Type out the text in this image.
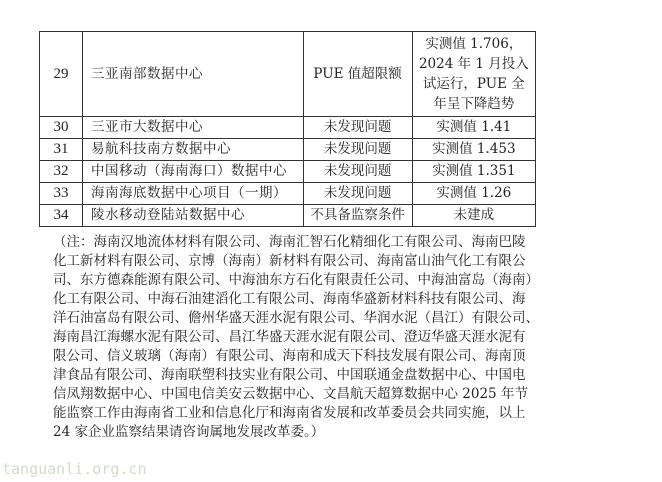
29	三亚南部数据中心	PUE 值超限额	实测值 1.706，
2024 年 1 月投入
试运行，PUE 全
年呈下降趋势

30	三亚市大数据中心	未发现问题	实测值 1.41
31	易航科技南方数据中心	未发现问题	实测值 1.453
32	中国移动（海南海口）数据中心	未发现问题	实测值 1.351
33	海南海底数据中心项目（一期）	未发现问题	实测值 1.26
34	陵水移动登陆站数据中心	不具备监察条件	未建成
（注：海南汉地流体材料有限公司、海南汇智石化精细化工有限公司、海南巴陵
化工新材料有限公司、京博（海南）新材料有限公司、海南富山油气化工有限公
司、东方德森能源有限公司、中海油东方石化有限责任公司、中海油富岛（海南）
化工有限公司、中海石油建滔化工有限公司、海南华盛新材料科技有限公司、海
洋石油富岛有限公司、儋州华盛天涯水泥有限公司、华润水泥（昌江）有限公司、
海南昌江海螺水泥有限公司、昌江华盛天涯水泥有限公司、澄迈华盛天涯水泥有
限公司、信义玻璃（海南）有限公司、海南和成天下科技发展有限公司、海南顶
津食品有限公司、海南联塑科技实业有限公司、中国联通金盘数据中心、中国电
信凤翔数据中心、中国电信美安云数据中心、文昌航天超算数据中心 2025 年节
能监察工作由海南省工业和信息化厅和海南省发展和改革委员会共同实施，以上
24 家企业监察结果请咨询属地发展改革委。）
tanguanli.org.cn
